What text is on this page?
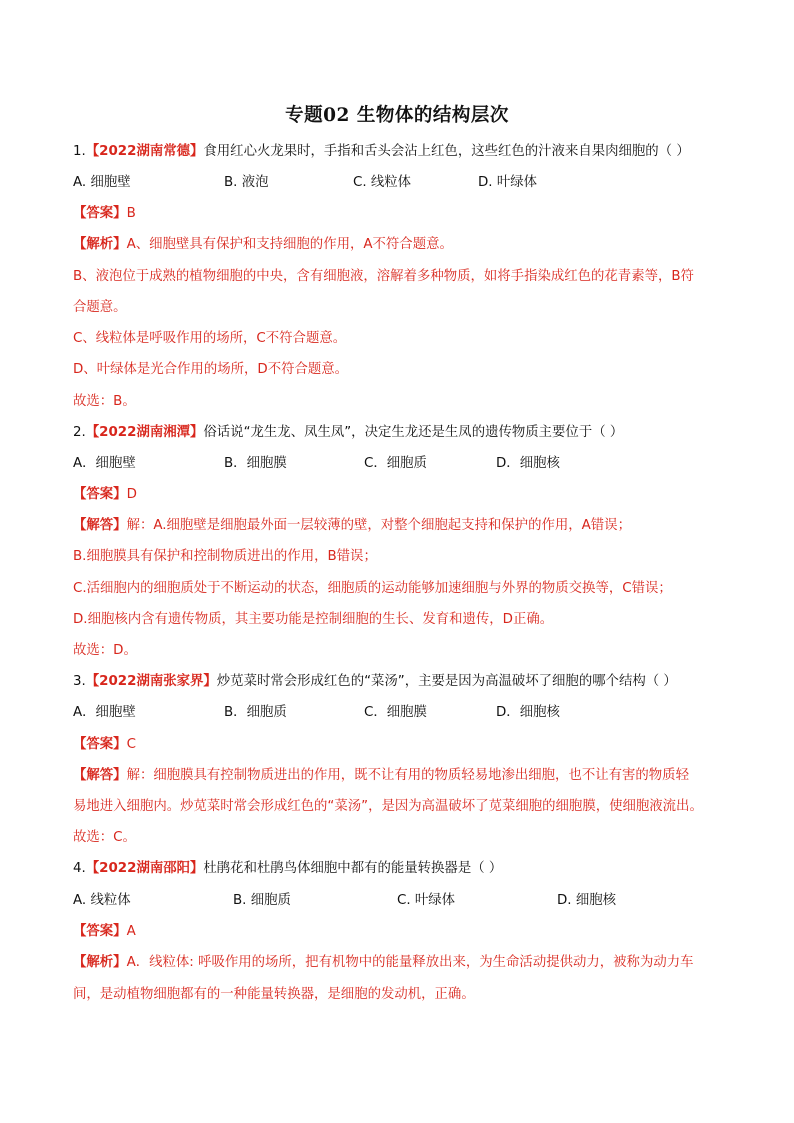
专题02 生物体的结构层次
1.【2022湖南常德】食用红心火龙果时，手指和舌头会沾上红色，这些红色的汁液来自果肉细胞的（ ）
A. 细胞壁	B. 液泡	C. 线粒体	D. 叶绿体
【答案】B
【解析】A、细胞壁具有保护和支持细胞的作用，A不符合题意。
B、液泡位于成熟的植物细胞的中央，含有细胞液，溶解着多种物质，如将手指染成红色的花青素等，B符
合题意。
C、线粒体是呼吸作用的场所，C不符合题意。
D、叶绿体是光合作用的场所，D不符合题意。
故选：B。
2.【2022湖南湘潭】俗话说“龙生龙、凤生凤”，决定生龙还是生凤的遗传物质主要位于（ ）
A．细胞壁	B．细胞膜	C．细胞质	D．细胞核
【答案】D
【解答】解：A.细胞壁是细胞最外面一层较薄的壁，对整个细胞起支持和保护的作用，A错误；
B.细胞膜具有保护和控制物质进出的作用，B错误；
C.活细胞内的细胞质处于不断运动的状态，细胞质的运动能够加速细胞与外界的物质交换等，C错误；
D.细胞核内含有遗传物质，其主要功能是控制细胞的生长、发育和遗传，D正确。
故选：D。
3.【2022湖南张家界】炒苋菜时常会形成红色的“菜汤”，主要是因为高温破坏了细胞的哪个结构（ ）
A．细胞壁	B．细胞质	C．细胞膜	D．细胞核
【答案】C
【解答】解：细胞膜具有控制物质进出的作用，既不让有用的物质轻易地渗出细胞，也不让有害的物质轻
易地进入细胞内。炒苋菜时常会形成红色的“菜汤”，是因为高温破坏了苋菜细胞的细胞膜，使细胞液流出。
故选：C。
4.【2022湖南邵阳】杜鹃花和杜鹃鸟体细胞中都有的能量转换器是（ ）
A. 线粒体	B. 细胞质	C. 叶绿体	D. 细胞核
【答案】A
【解析】A．线粒体: 呼吸作用的场所，把有机物中的能量释放出来，为生命活动提供动力，被称为动力车
间，是动植物细胞都有的一种能量转换器，是细胞的发动机，正确。
